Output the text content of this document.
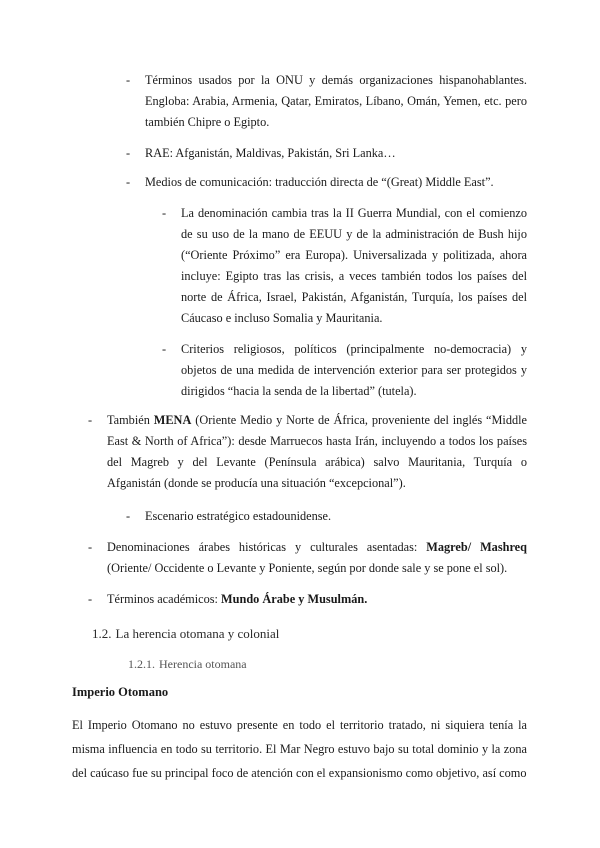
- Términos usados por la ONU y demás organizaciones hispanohablantes. Engloba: Arabia, Armenia, Qatar, Emiratos, Líbano, Omán, Yemen, etc. pero también Chipre o Egipto.
- RAE: Afganistán, Maldivas, Pakistán, Sri Lanka…
- Medios de comunicación: traducción directa de “(Great) Middle East”.
- La denominación cambia tras la II Guerra Mundial, con el comienzo de su uso de la mano de EEUU y de la administración de Bush hijo (“Oriente Próximo” era Europa). Universalizada y politizada, ahora incluye: Egipto tras las crisis, a veces también todos los países del norte de África, Israel, Pakistán, Afganistán, Turquía, los países del Cáucaso e incluso Somalia y Mauritania.
- Criterios religiosos, políticos (principalmente no-democracia) y objetos de una medida de intervención exterior para ser protegidos y dirigidos “hacia la senda de la libertad” (tutela).
- También MENA (Oriente Medio y Norte de África, proveniente del inglés “Middle East & North of Africa”): desde Marruecos hasta Irán, incluyendo a todos los países del Magreb y del Levante (Península arábica) salvo Mauritania, Turquía o Afganistán (donde se producía una situación “excepcional”).
- Escenario estratégico estadounidense.
- Denominaciones árabes históricas y culturales asentadas: Magreb/ Mashreq (Oriente/ Occidente o Levante y Poniente, según por donde sale y se pone el sol).
- Términos académicos: Mundo Árabe y Musulmán.
1.2. La herencia otomana y colonial
1.2.1. Herencia otomana
Imperio Otomano
El Imperio Otomano no estuvo presente en todo el territorio tratado, ni siquiera tenía la misma influencia en todo su territorio. El Mar Negro estuvo bajo su total dominio y la zona del caúcaso fue su principal foco de atención con el expansionismo como objetivo, así como
